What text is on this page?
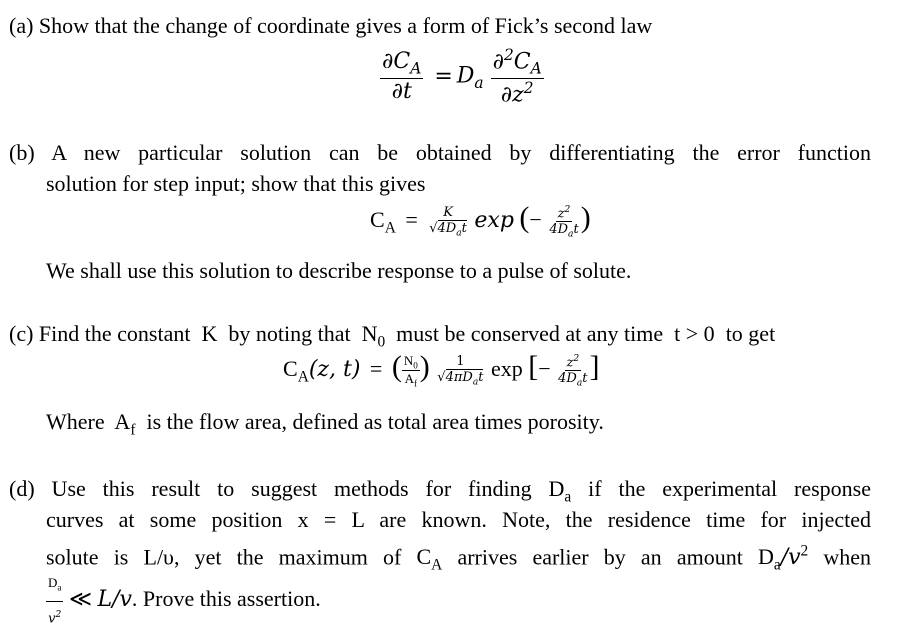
(a) Show that the change of coordinate gives a form of Fick’s second law
$\frac{\partial C_A}{\partial t} = D_a \frac{\partial^2C_A}{\partial z^2}$
(b) A new particular solution can be obtained by differentiating the error function
solution for step input; show that this gives
$C_A = \frac{K}{√4D_at}$ exp (− $\frac{z^2}{4D_at}$ )
We shall use this solution to describe response to a pulse of solute.
(c) Find the constant K by noting that $N_0$ must be conserved at any time t > 0 to get
$C_A(z$, t) = ( $\frac{N_0}{A_f}$ ) $\frac{1}{√4\pi D_at}$ exp [− $\frac{z^2}{4D_at}$ ]
Where $A_f$ is the flow area, defined as total area times porosity.
(d) Use this result to suggest methods for finding $D_a$ if the experimental response
curves at some position x = L are known. Note, the residence time for injected
solute is L/υ, yet the maximum of $C_A$ arrives earlier by an amount $D_a/v^2$ when
$\frac{D_a}{v^2}$ ≪ L/v. Prove this assertion.
